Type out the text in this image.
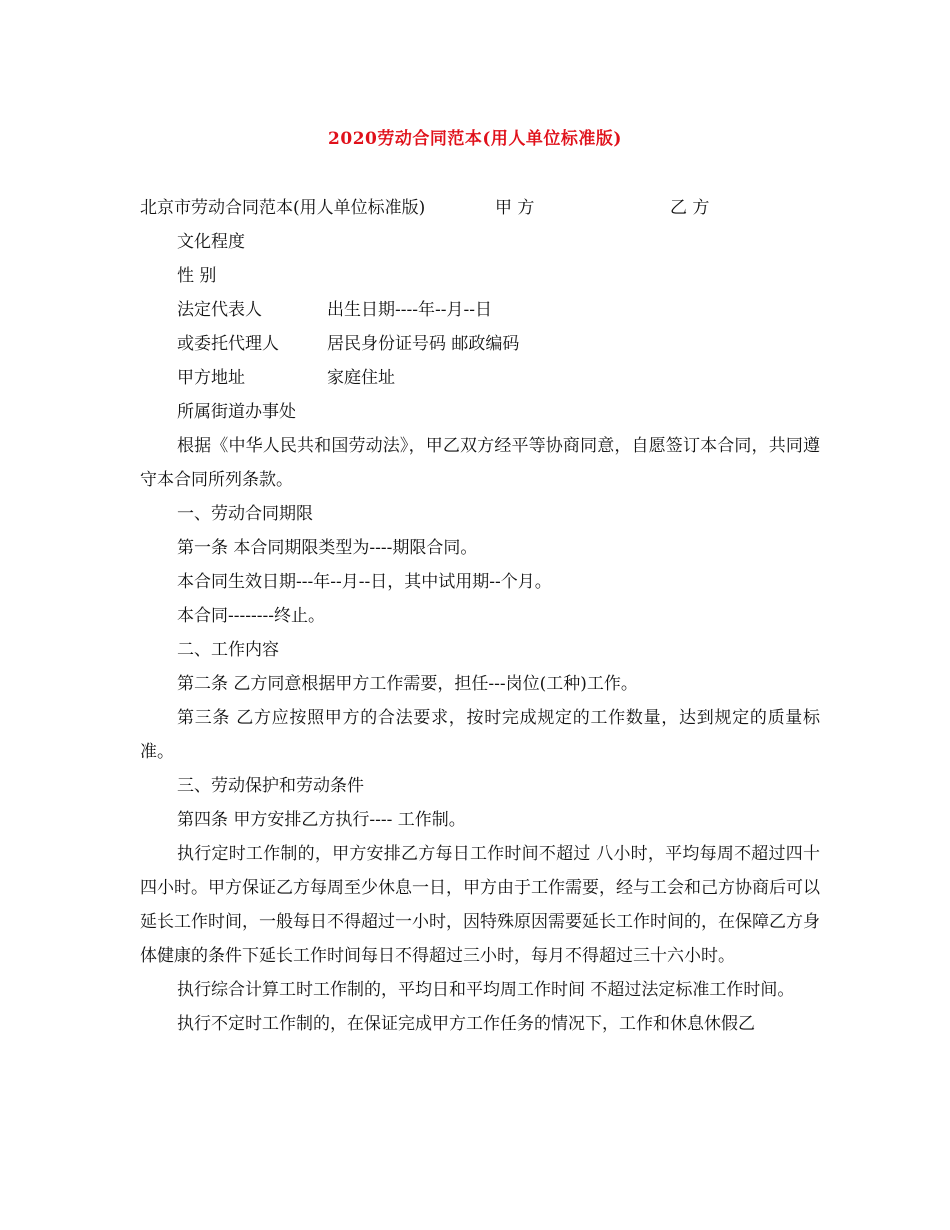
2020劳动合同范本(用人单位标准版)
北京市劳动合同范本(用人单位标准版)	甲 方	乙 方
文化程度
性 别
法定代表人	出生日期----年--月--日
或委托代理人	居民身份证号码 邮政编码
甲方地址	家庭住址
所属街道办事处
根据《中华人民共和国劳动法》，甲乙双方经平等协商同意，自愿签订本合同，共同遵守本合同所列条款。
一、劳动合同期限
第一条 本合同期限类型为----期限合同。
本合同生效日期---年--月--日，其中试用期--个月。
本合同--------终止。
二、工作内容
第二条 乙方同意根据甲方工作需要，担任---岗位(工种)工作。
第三条 乙方应按照甲方的合法要求，按时完成规定的工作数量，达到规定的质量标准。
三、劳动保护和劳动条件
第四条 甲方安排乙方执行---- 工作制。
执行定时工作制的，甲方安排乙方每日工作时间不超过 八小时，平均每周不超过四十四小时。甲方保证乙方每周至少休息一日，甲方由于工作需要，经与工会和己方协商后可以延长工作时间，一般每日不得超过一小时，因特殊原因需要延长工作时间的，在保障乙方身体健康的条件下延长工作时间每日不得超过三小时，每月不得超过三十六小时。
执行综合计算工时工作制的，平均日和平均周工作时间 不超过法定标准工作时间。
执行不定时工作制的，在保证完成甲方工作任务的情况下，工作和休息休假乙
